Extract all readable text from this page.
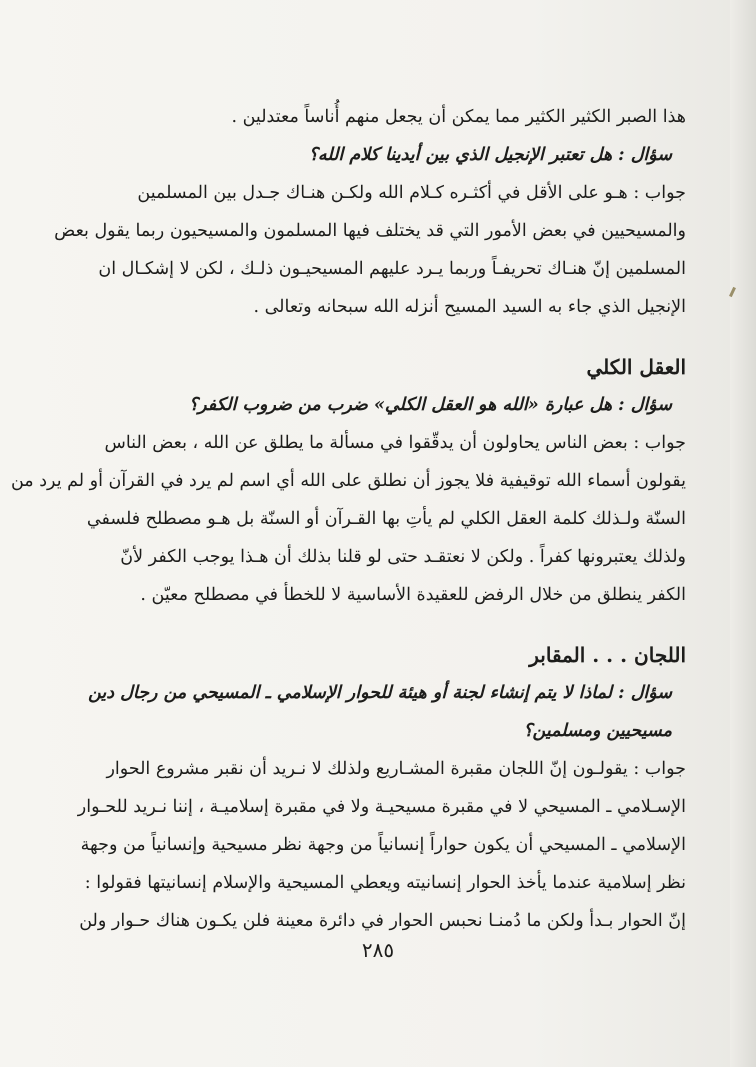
هذا الصبر الكثير الكثير مما يمكن أن يجعل منهم أُناساً معتدلين .
سؤال : هل تعتبر الإنجيل الذي بين أيدينا كلام الله؟
جواب : هـو على الأقل في أكثـره كـلام الله ولكـن هنـاك جـدل بين المسلمين
والمسيحيين في بعض الأمور التي قد يختلف فيها المسلمون والمسيحيون ربما يقول بعض
المسلمين إنّ هنـاك تحريفـاً وربما يـرد عليهم المسيحيـون ذلـك ، لكن لا إشكـال ان
الإنجيل الذي جاء به السيد المسيح أنزله الله سبحانه وتعالى .
العقل الكلي
سؤال : هل عبارة «الله هو العقل الكلي» ضرب من ضروب الكفر؟
جواب : بعض الناس يحاولون أن يدقّقوا في مسألة ما يطلق عن الله ، بعض الناس
يقولون أسماء الله توقيفية فلا يجوز أن نطلق على الله أي اسم لم يرد في القرآن أو لم يرد من
السنّة ولـذلك كلمة العقل الكلي لم يأتِ بها القـرآن أو السنّة بل هـو مصطلح فلسفي
ولذلك يعتبرونها كفراً . ولكن لا نعتقـد حتى لو قلنا بذلك أن هـذا يوجب الكفر لأنّ
الكفر ينطلق من خلال الرفض للعقيدة الأساسية لا للخطأ في مصطلح معيّن .
اللجان . . . المقابر
سؤال : لماذا لا يتم إنشاء لجنة أو هيئة للحوار الإسلامي ـ المسيحي من رجال دين
مسيحيين ومسلمين؟
جواب : يقولـون إنّ اللجان مقبرة المشـاريع ولذلك لا نـريد أن نقبر مشروع الحوار
الإسـلامي ـ المسيحي لا في مقبرة مسيحيـة ولا في مقبرة إسلاميـة ، إننا نـريد للحـوار
الإسلامي ـ المسيحي أن يكون حواراً إنسانياً من وجهة نظر مسيحية وإنسانياً من وجهة
نظر إسلامية عندما يأخذ الحوار إنسانيته ويعطي المسيحية والإسلام إنسانيتها فقولوا :
إنّ الحوار بـدأ ولكن ما دُمنـا نحبس الحوار في دائرة معينة فلن يكـون هناك حـوار ولن
٢٨٥
